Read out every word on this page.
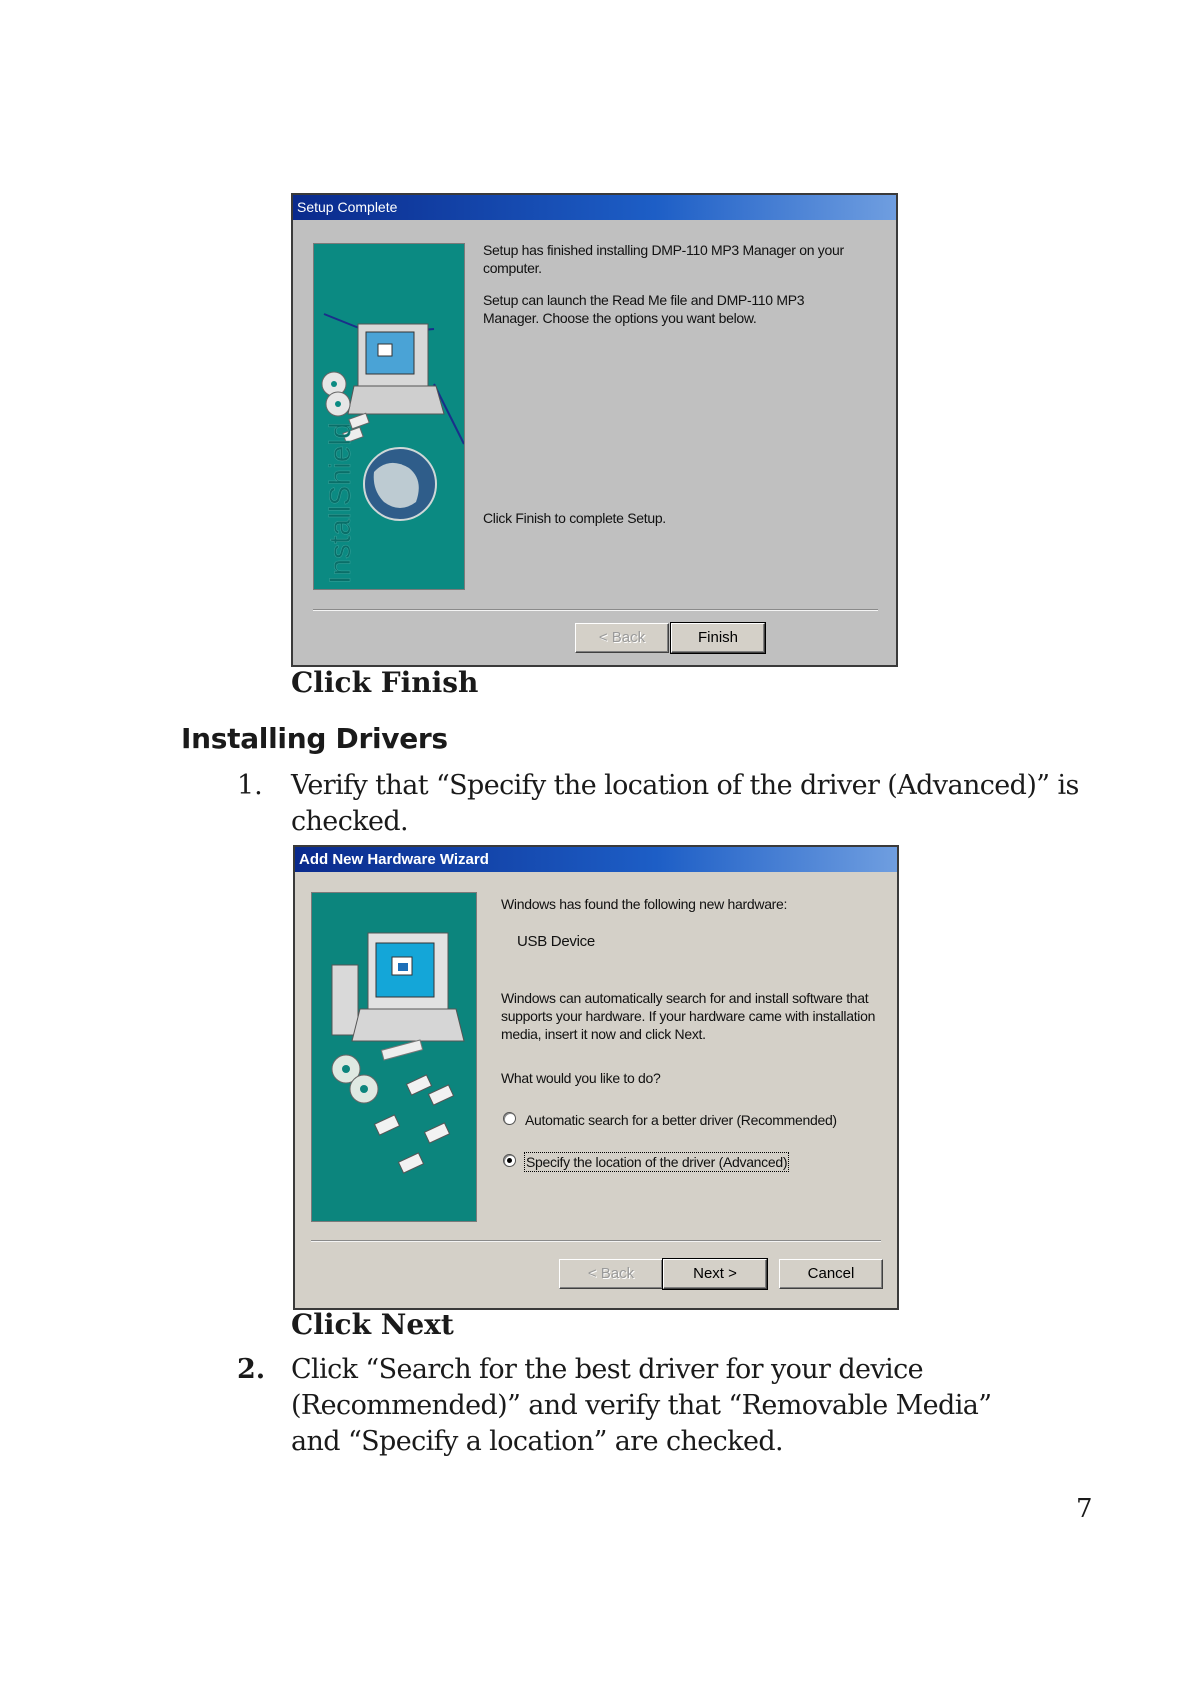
Setup Complete
InstallShield
Setup has finished installing DMP-110 MP3 Manager on your computer.
Setup can launch the Read Me file and DMP-110 MP3 Manager. Choose the options you want below.
Click Finish to complete Setup.
< Back	Finish
Click Finish
Installing Drivers
1. Verify that “Specify the location of the driver (Advanced)” is checked.
Add New Hardware Wizard
Windows has found the following new hardware:
USB Device
Windows can automatically search for and install software that supports your hardware. If your hardware came with installation media, insert it now and click Next.
What would you like to do?
Automatic search for a better driver (Recommended)
Specify the location of the driver (Advanced)
< Back	Next >	Cancel
Click Next
2. Click “Search for the best driver for your device (Recommended)” and verify that “Removable Media” and “Specify a location” are checked.
7
